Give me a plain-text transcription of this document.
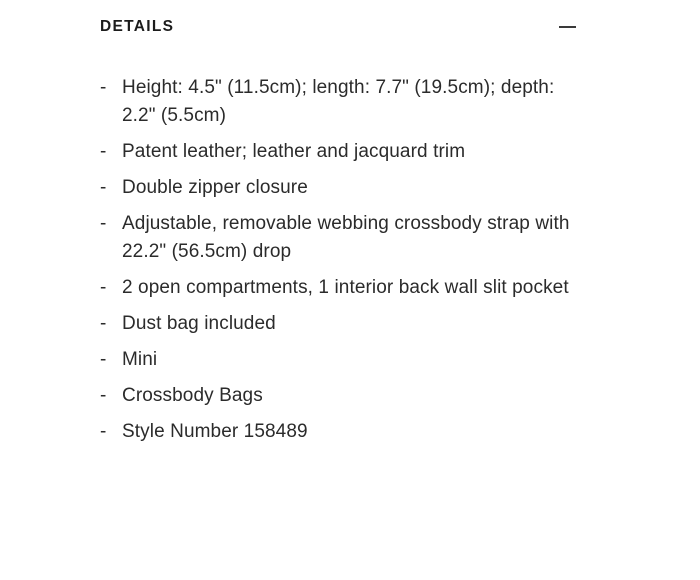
DETAILS
- Height: 4.5" (11.5cm); length: 7.7" (19.5cm); depth: 2.2" (5.5cm)
- Patent leather; leather and jacquard trim
- Double zipper closure
- Adjustable, removable webbing crossbody strap with 22.2" (56.5cm) drop
- 2 open compartments, 1 interior back wall slit pocket
- Dust bag included
- Mini
- Crossbody Bags
- Style Number 158489
